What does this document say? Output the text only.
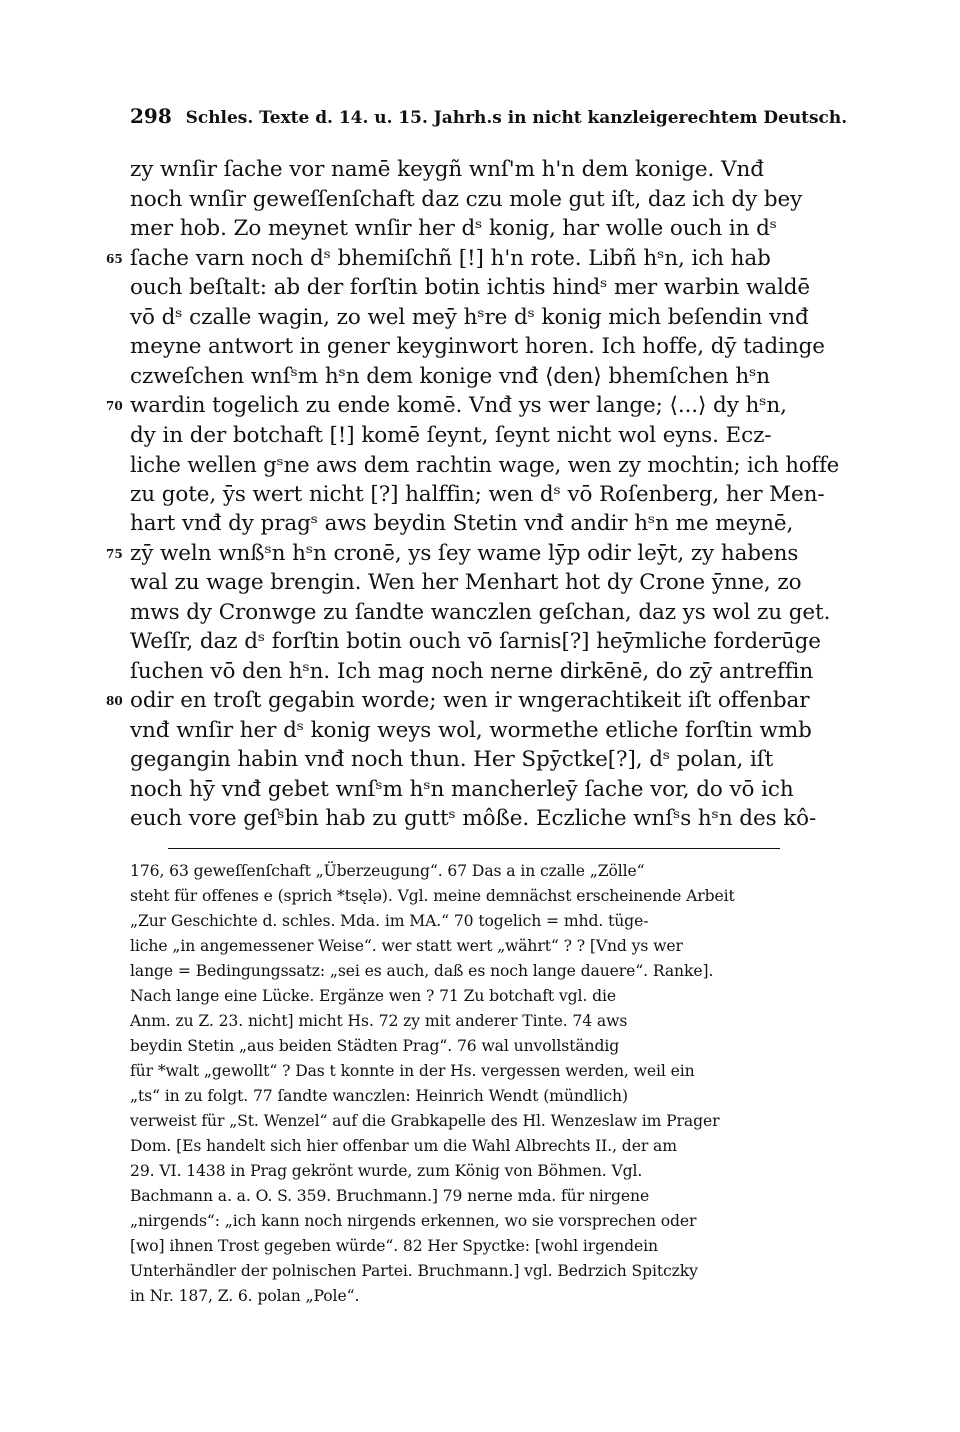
298 Schles. Texte d. 14. u. 15. Jahrh.s in nicht kanzleigerechtem Deutsch.
zy wnſir ſache vor namē keygñ wnſ'm h'n dem konige. Vnđ
noch wnſir geweſſenſchaft daz czu mole gut iſt, daz ich dy bey
mer hob. Zo meynet wnſir her dˢ konig, har wolle ouch in dˢ
65 ſache varn noch dˢ bhemiſchñ [!] h'n rote. Libñ hˢn, ich hab
ouch beſtalt: ab der forſtin botin ichtis hindˢ mer warbin waldē
vō dˢ czalle wagin, zo wel meȳ hˢre dˢ konig mich beſendin vnđ
meyne antwort in gener keyginwort horen. Ich hoffe, dȳ tadinge
czweſchen wnſˢm hˢn dem konige vnđ ⟨den⟩ bhemſchen hˢn
70 wardin togelich zu ende komē. Vnđ ys wer lange; ⟨...⟩ dy hˢn,
dy in der botchaft [!] komē ſeynt, ſeynt nicht wol eyns. Ecz-
liche wellen gˢne aws dem rachtin wage, wen zy mochtin; ich hoffe
zu gote, ȳs wert nicht [?] halffin; wen dˢ vō Roſenberg, her Men-
hart vnđ dy pragˢ aws beydin Stetin vnđ andir hˢn me meynē,
75 zȳ weln wnßˢn hˢn cronē, ys ſey wame lȳp odir leȳt, zy habens
wal zu wage brengin. Wen her Menhart hot dy Crone ȳnne, zo
mws dy Cronwge zu ſandte wanczlen geſchan, daz ys wol zu get.
Weſſr, daz dˢ forſtin botin ouch vō ſarnis[?] heȳmliche forderūge
ſuchen vō den hˢn. Ich mag noch nerne dirkēnē, do zȳ antreffin
80 odir en troſt gegabin worde; wen ir wngerachtikeit iſt offenbar
vnđ wnſir her dˢ konig weys wol, wormethe etliche forſtin wmb
gegangin habin vnđ noch thun. Her Spȳctke[?], dˢ polan, iſt
noch hȳ vnđ gebet wnſˢm hˢn mancherleȳ ſache vor, do vō ich
euch vore geſˢbin hab zu guttˢ môße. Eczliche wnſˢs hˢn des kô-
176, 63 geweſſenſchaft „Überzeugung“. 67 Das a in czalle „Zölle“
steht für offenes e (sprich *tsęlə). Vgl. meine demnächst erscheinende Arbeit
„Zur Geschichte d. schles. Mda. im MA.“ 70 togelich = mhd. tüge-
liche „in angemessener Weise“. wer statt wert „währt“ ? ? [Vnd ys wer
lange = Bedingungssatz: „sei es auch, daß es noch lange dauere“. Ranke].
Nach lange eine Lücke. Ergänze wen ? 71 Zu botchaft vgl. die
Anm. zu Z. 23. nicht] micht Hs. 72 zy mit anderer Tinte. 74 aws
beydin Stetin „aus beiden Städten Prag“. 76 wal unvollständig
für *walt „gewollt“ ? Das t konnte in der Hs. vergessen werden, weil ein
„ts“ in zu folgt. 77 ſandte wanczlen: Heinrich Wendt (mündlich)
verweist für „St. Wenzel“ auf die Grabkapelle des Hl. Wenzeslaw im Prager
Dom. [Es handelt sich hier offenbar um die Wahl Albrechts II., der am
29. VI. 1438 in Prag gekrönt wurde, zum König von Böhmen. Vgl.
Bachmann a. a. O. S. 359. Bruchmann.] 79 nerne mda. für nirgene
„nirgends“: „ich kann noch nirgends erkennen, wo sie vorsprechen oder
[wo] ihnen Trost gegeben würde“. 82 Her Spyctke: [wohl irgendein
Unterhändler der polnischen Partei. Bruchmann.] vgl. Bedrzich Spitczky
in Nr. 187, Z. 6. polan „Pole“.
